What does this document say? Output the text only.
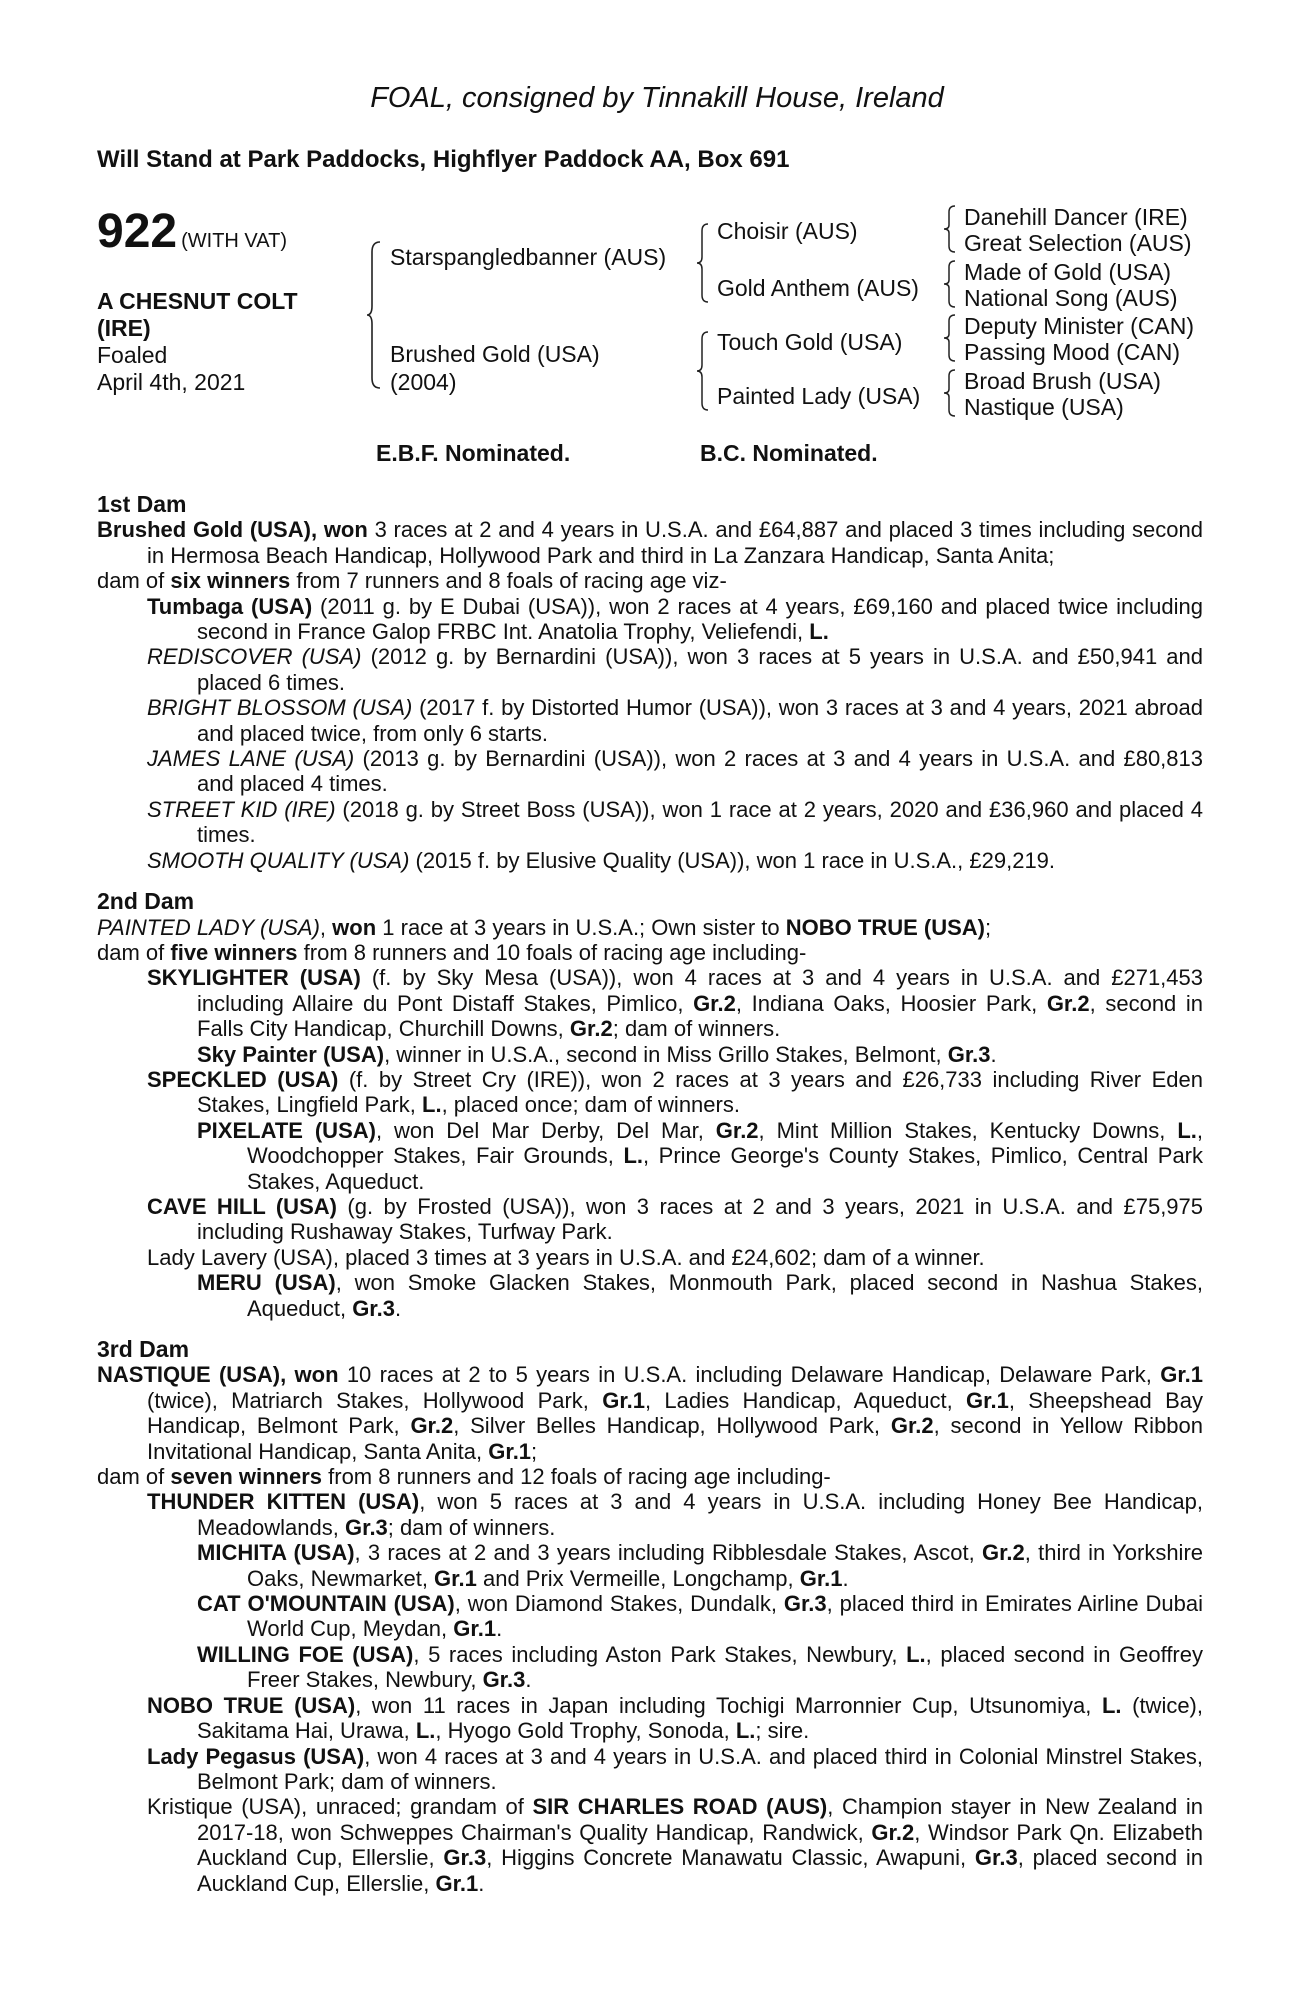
FOAL, consigned by Tinnakill House, Ireland
Will Stand at Park Paddocks, Highflyer Paddock AA, Box 691
922 (WITH VAT)
A CHESNUT COLT
(IRE)
Foaled
April 4th, 2021
Starspangledbanner (AUS)
Brushed Gold (USA)
(2004)
Choisir (AUS)
Gold Anthem (AUS)
Touch Gold (USA)
Painted Lady (USA)
Danehill Dancer (IRE)
Great Selection (AUS)
Made of Gold (USA)
National Song (AUS)
Deputy Minister (CAN)
Passing Mood (CAN)
Broad Brush (USA)
Nastique (USA)
E.B.F. Nominated.	B.C. Nominated.
1st Dam
Brushed Gold (USA), won 3 races at 2 and 4 years in U.S.A. and £64,887 and placed 3 times including second in Hermosa Beach Handicap, Hollywood Park and third in La Zanzara Handicap, Santa Anita;
dam of six winners from 7 runners and 8 foals of racing age viz-
Tumbaga (USA) (2011 g. by E Dubai (USA)), won 2 races at 4 years, £69,160 and placed twice including second in France Galop FRBC Int. Anatolia Trophy, Veliefendi, L.
REDISCOVER (USA) (2012 g. by Bernardini (USA)), won 3 races at 5 years in U.S.A. and £50,941 and placed 6 times.
BRIGHT BLOSSOM (USA) (2017 f. by Distorted Humor (USA)), won 3 races at 3 and 4 years, 2021 abroad and placed twice, from only 6 starts.
JAMES LANE (USA) (2013 g. by Bernardini (USA)), won 2 races at 3 and 4 years in U.S.A. and £80,813 and placed 4 times.
STREET KID (IRE) (2018 g. by Street Boss (USA)), won 1 race at 2 years, 2020 and £36,960 and placed 4 times.
SMOOTH QUALITY (USA) (2015 f. by Elusive Quality (USA)), won 1 race in U.S.A., £29,219.
2nd Dam
PAINTED LADY (USA), won 1 race at 3 years in U.S.A.; Own sister to NOBO TRUE (USA);
dam of five winners from 8 runners and 10 foals of racing age including-
SKYLIGHTER (USA) (f. by Sky Mesa (USA)), won 4 races at 3 and 4 years in U.S.A. and £271,453 including Allaire du Pont Distaff Stakes, Pimlico, Gr.2, Indiana Oaks, Hoosier Park, Gr.2, second in Falls City Handicap, Churchill Downs, Gr.2; dam of winners.
Sky Painter (USA), winner in U.S.A., second in Miss Grillo Stakes, Belmont, Gr.3.
SPECKLED (USA) (f. by Street Cry (IRE)), won 2 races at 3 years and £26,733 including River Eden Stakes, Lingfield Park, L., placed once; dam of winners.
PIXELATE (USA), won Del Mar Derby, Del Mar, Gr.2, Mint Million Stakes, Kentucky Downs, L., Woodchopper Stakes, Fair Grounds, L., Prince George's County Stakes, Pimlico, Central Park Stakes, Aqueduct.
CAVE HILL (USA) (g. by Frosted (USA)), won 3 races at 2 and 3 years, 2021 in U.S.A. and £75,975 including Rushaway Stakes, Turfway Park.
Lady Lavery (USA), placed 3 times at 3 years in U.S.A. and £24,602; dam of a winner.
MERU (USA), won Smoke Glacken Stakes, Monmouth Park, placed second in Nashua Stakes, Aqueduct, Gr.3.
3rd Dam
NASTIQUE (USA), won 10 races at 2 to 5 years in U.S.A. including Delaware Handicap, Delaware Park, Gr.1 (twice), Matriarch Stakes, Hollywood Park, Gr.1, Ladies Handicap, Aqueduct, Gr.1, Sheepshead Bay Handicap, Belmont Park, Gr.2, Silver Belles Handicap, Hollywood Park, Gr.2, second in Yellow Ribbon Invitational Handicap, Santa Anita, Gr.1;
dam of seven winners from 8 runners and 12 foals of racing age including-
THUNDER KITTEN (USA), won 5 races at 3 and 4 years in U.S.A. including Honey Bee Handicap, Meadowlands, Gr.3; dam of winners.
MICHITA (USA), 3 races at 2 and 3 years including Ribblesdale Stakes, Ascot, Gr.2, third in Yorkshire Oaks, Newmarket, Gr.1 and Prix Vermeille, Longchamp, Gr.1.
CAT O'MOUNTAIN (USA), won Diamond Stakes, Dundalk, Gr.3, placed third in Emirates Airline Dubai World Cup, Meydan, Gr.1.
WILLING FOE (USA), 5 races including Aston Park Stakes, Newbury, L., placed second in Geoffrey Freer Stakes, Newbury, Gr.3.
NOBO TRUE (USA), won 11 races in Japan including Tochigi Marronnier Cup, Utsunomiya, L. (twice), Sakitama Hai, Urawa, L., Hyogo Gold Trophy, Sonoda, L.; sire.
Lady Pegasus (USA), won 4 races at 3 and 4 years in U.S.A. and placed third in Colonial Minstrel Stakes, Belmont Park; dam of winners.
Kristique (USA), unraced; grandam of SIR CHARLES ROAD (AUS), Champion stayer in New Zealand in 2017-18, won Schweppes Chairman's Quality Handicap, Randwick, Gr.2, Windsor Park Qn. Elizabeth Auckland Cup, Ellerslie, Gr.3, Higgins Concrete Manawatu Classic, Awapuni, Gr.3, placed second in Auckland Cup, Ellerslie, Gr.1.
